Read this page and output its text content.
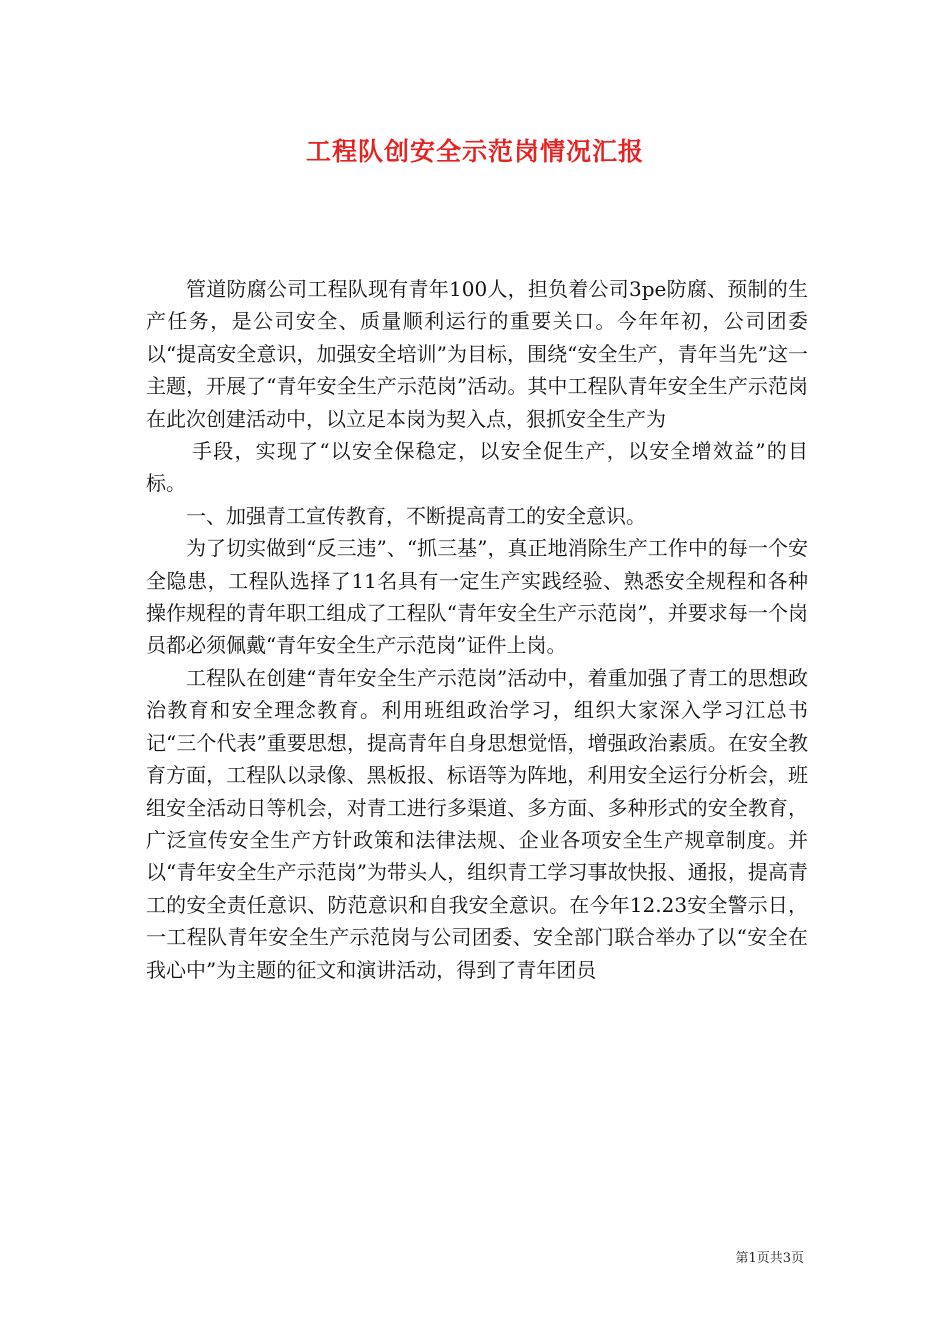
工程队创安全示范岗情况汇报

管道防腐公司工程队现有青年100人，担负着公司3pe防腐、预制的生产任务，是公司安全、质量顺利运行的重要关口。今年年初，公司团委以“提高安全意识，加强安全培训”为目标，围绕“安全生产，青年当先”这一主题，开展了“青年安全生产示范岗”活动。其中工程队青年安全生产示范岗在此次创建活动中，以立足本岗为契入点，狠抓安全生产为

手段，实现了“以安全保稳定，以安全促生产，以安全增效益”的目标。

一、加强青工宣传教育，不断提高青工的安全意识。

为了切实做到“反三违”、“抓三基”，真正地消除生产工作中的每一个安全隐患，工程队选择了11名具有一定生产实践经验、熟悉安全规程和各种操作规程的青年职工组成了工程队“青年安全生产示范岗”，并要求每一个岗员都必须佩戴“青年安全生产示范岗”证件上岗。

工程队在创建“青年安全生产示范岗”活动中，着重加强了青工的思想政治教育和安全理念教育。利用班组政治学习，组织大家深入学习江总书记“三个代表”重要思想，提高青年自身思想觉悟，增强政治素质。在安全教育方面，工程队以录像、黑板报、标语等为阵地，利用安全运行分析会，班组安全活动日等机会，对青工进行多渠道、多方面、多种形式的安全教育，广泛宣传安全生产方针政策和法律法规、企业各项安全生产规章制度。并以“青年安全生产示范岗”为带头人，组织青工学习事故快报、通报，提高青工的安全责任意识、防范意识和自我安全意识。在今年12.23安全警示日，一工程队青年安全生产示范岗与公司团委、安全部门联合举办了以“安全在我心中”为主题的征文和演讲活动，得到了青年团员

第1页共3页
